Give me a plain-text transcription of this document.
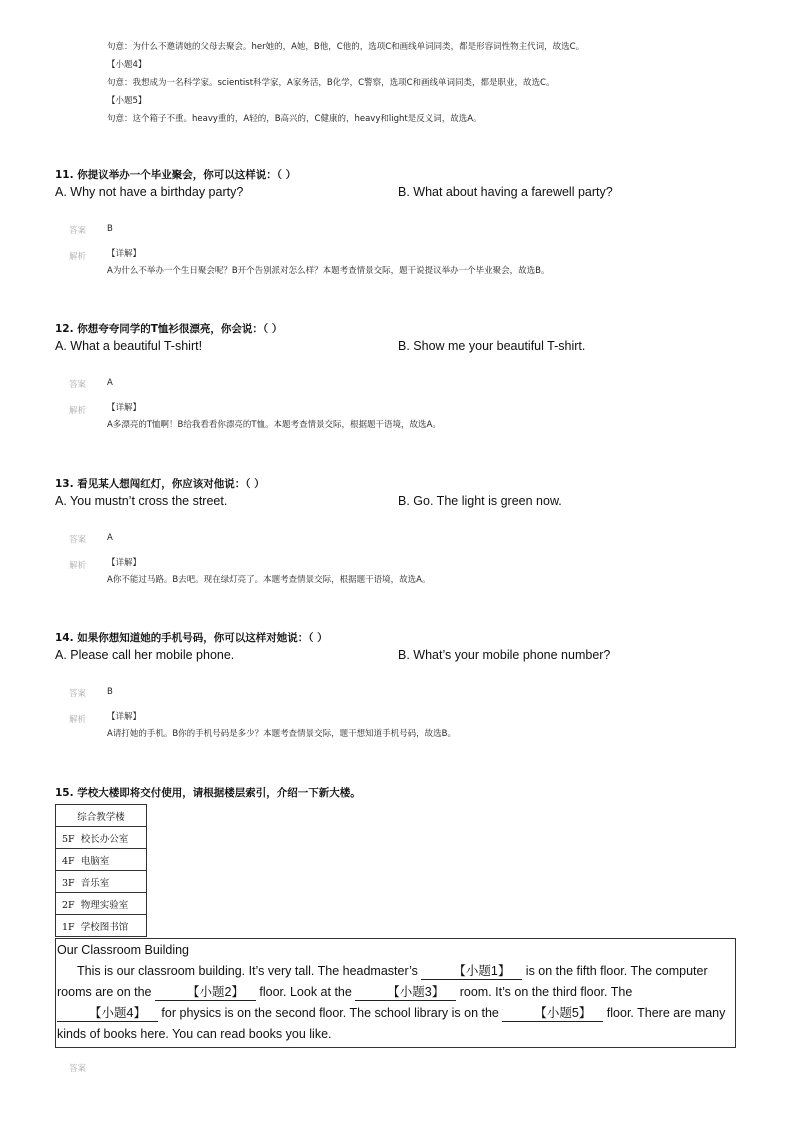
句意：为什么不邀请她的父母去聚会。her她的，A她，B他，C他的，选项C和画线单词同类，都是形容词性物主代词，故选C。
【小题4】
句意：我想成为一名科学家。scientist科学家，A家务活，B化学，C警察，选项C和画线单词同类，都是职业，故选C。
【小题5】
句意：这个箱子不重。heavy重的，A轻的，B高兴的，C健康的，heavy和light是反义词，故选A。
11. 你提议举办一个毕业聚会，你可以这样说：（ ）
A. Why not have a birthday party?	B. What about having a farewell party?
答案 B
解析 【详解】
A为什么不举办一个生日聚会呢？B开个告别派对怎么样？本题考查情景交际，题干说提议举办一个毕业聚会，故选B。
12. 你想夸夸同学的T恤衫很漂亮，你会说：（ ）
A. What a beautiful T-shirt!	B. Show me your beautiful T-shirt.
答案 A
解析 【详解】
A多漂亮的T恤啊！B给我看看你漂亮的T恤。本题考查情景交际，根据题干语境，故选A。
13. 看见某人想闯红灯，你应该对他说：（ ）
A. You mustn’t cross the street.	B. Go. The light is green now.
答案 A
解析 【详解】
A你不能过马路。B去吧。现在绿灯亮了。本题考查情景交际，根据题干语境，故选A。
14. 如果你想知道她的手机号码，你可以这样对她说：（ ）
A. Please call her mobile phone.	B. What’s your mobile phone number?
答案 B
解析 【详解】
A请打她的手机。B你的手机号码是多少？本题考查情景交际，题干想知道手机号码，故选B。
15. 学校大楼即将交付使用，请根据楼层索引，介绍一下新大楼。
综合教学楼
5F 校长办公室
4F 电脑室
3F 音乐室
2F 物理实验室
1F 学校图书馆
Our Classroom Building
This is our classroom building. It’s very tall. The headmaster’s	【小题1】 is on the fifth floor. The computer rooms are on the	【小题2】 floor. Look at the	【小题3】 room. It’s on the third floor. The 【小题4】 for physics is on the second floor. The school library is on the	【小题5】 floor. There are many kinds of books here. You can read books you like.
答案
